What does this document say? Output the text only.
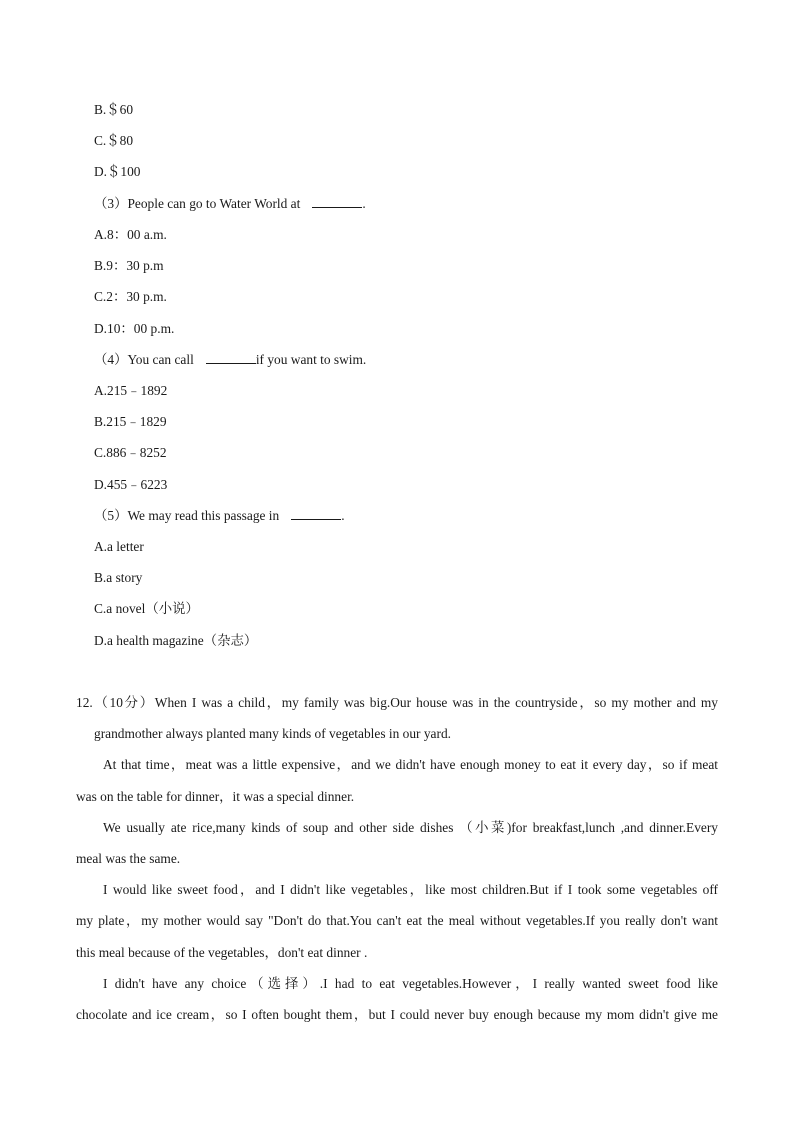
B.＄60
C.＄80
D.＄100
（3）People can go to Water World at	.
A.8：00 a.m.
B.9：30 p.m
C.2：30 p.m.
D.10：00 p.m.
（4）You can call	if you want to swim.
A.215﹣1892
B.215﹣1829
C.886﹣8252
D.455﹣6223
（5）We may read this passage in	.
A.a letter
B.a story
C.a novel（小说）
D.a health magazine（杂志）
12.（10分）When I was a child，my family was big.Our house was in the countryside，so my mother and my
grandmother always planted many kinds of vegetables in our yard.
At that time，meat was a little expensive，and we didn't have enough money to eat it every day，so if meat
was on the table for dinner，it was a special dinner.
We usually ate rice,many kinds of soup and other side dishes （小菜)for breakfast,lunch ,and dinner.Every
meal was the same.
I would like sweet food，and I didn't like vegetables，like most children.But if I took some vegetables off
my plate，my mother would say "Don't do that.You can't eat the meal without vegetables.If you really don't want
this meal because of the vegetables，don't eat dinner .
I didn't have any choice（选择）.I had to eat vegetables.However，I really wanted sweet food like
chocolate and ice cream，so I often bought them，but I could never buy enough because my mom didn't give me
